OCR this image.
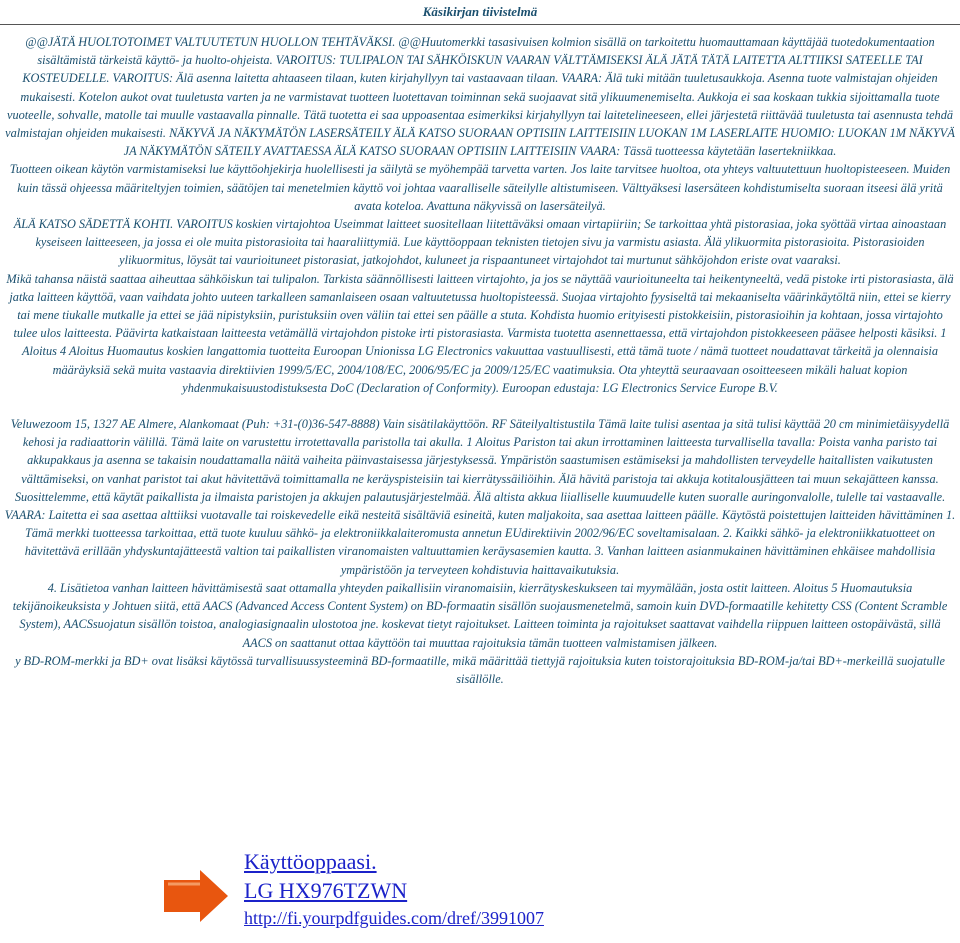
Käsikirjan tiivistelmä

@@JÄTÄ HUOLTOTOIMET VALTUUTETUN HUOLLON TEHTÄVÄKSI. @@Huutomerkki tasasivuisen kolmion sisällä on tarkoitettu huomauttamaan käyttäjää tuotedokumentaation sisältämistä tärkeistä käyttö- ja huolto-ohjeista. VAROITUS: TULIPALON TAI SÄHKÖISKUN VAARAN VÄLTTÄMISEKSI ÄLÄ JÄTÄ TÄTÄ LAITETTA ALTTIIKSI SATEELLE TAI KOSTEUDELLE. VAROITUS: Älä asenna laitetta ahtaaseen tilaan, kuten kirjahyllyyn tai vastaavaan tilaan. VAARA: Älä tuki mitään tuuletusaukkoja. Asenna tuote valmistajan ohjeiden mukaisesti. Kotelon aukot ovat tuuletusta varten ja ne varmistavat tuotteen luotettavan toiminnan sekä suojaavat sitä ylikuumenemiselta. Aukkoja ei saa koskaan tukkia sijoittamalla tuote vuoteelle, sohvalle, matolle tai muulle vastaavalla pinnalle. Tätä tuotetta ei saa uppoasentaa esimerkiksi kirjahyllyyn tai laitetelineeseen, ellei järjestetä riittävää tuuletusta tai asennusta tehdä valmistajan ohjeiden mukaisesti. NÄKYVÄ JA NÄKYMÄTÖN LASERSÄTEILY ÄLÄ KATSO SUORAAN OPTISIIN LAITTEISIIN LUOKAN 1M LASERLAITE HUOMIO: LUOKAN 1M NÄKYVÄ JA NÄKYMÄTÖN SÄTEILY AVATTAESSA ÄLÄ KATSO SUORAAN OPTISIIN LAITTEISIIN VAARA: Tässä tuotteessa käytetään lasertekniikkaa.

Tuotteen oikean käytön varmistamiseksi lue käyttöohjekirja huolellisesti ja säilytä se myöhempää tarvetta varten. Jos laite tarvitsee huoltoa, ota yhteys valtuutettuun huoltopisteeseen. Muiden kuin tässä ohjeessa määriteltyjen toimien, säätöjen tai menetelmien käyttö voi johtaa vaaralliselle säteilylle altistumiseen. Välttyäksesi lasersäteen kohdistumiselta suoraan itseesi älä yritä avata koteloa. Avattuna näkyvissä on lasersäteilyä.

ÄLÄ KATSO SÄDETTÄ KOHTI. VAROITUS koskien virtajohtoa Useimmat laitteet suositellaan liitettäväksi omaan virtapiiriin; Se tarkoittaa yhtä pistorasiaa, joka syöttää virtaa ainoastaan kyseiseen laitteeseen, ja jossa ei ole muita pistorasioita tai haaraliittymiä. Lue käyttöoppaan teknisten tietojen sivu ja varmistu asiasta. Älä ylikuormita pistorasioita. Pistorasioiden ylikuormitus, löysät tai vaurioituneet pistorasiat, jatkojohdot, kuluneet ja rispaantuneet virtajohdot tai murtunut sähköjohdon eriste ovat vaaraksi.

Mikä tahansa näistä saattaa aiheuttaa sähköiskun tai tulipalon. Tarkista säännöllisesti laitteen virtajohto, ja jos se näyttää vaurioituneelta tai heikentyneeltä, vedä pistoke irti pistorasiasta, älä jatka laitteen käyttöä, vaan vaihdata johto uuteen tarkalleen samanlaiseen osaan valtuutetussa huoltopisteessä. Suojaa virtajohto fyysiseltä tai mekaaniselta väärinkäytöltä niin, ettei se kierry tai mene tiukalle mutkalle ja ettei se jää nipistyksiin, puristuksiin oven väliin tai ettei sen päälle a stuta. Kohdista huomio erityisesti pistokkeisiin, pistorasioihin ja kohtaan, jossa virtajohto tulee ulos laitteesta. Päävirta katkaistaan laitteesta vetämällä virtajohdon pistoke irti pistorasiasta. Varmista tuotetta asennettaessa, että virtajohdon pistokkeeseen pääsee helposti käsiksi. 1 Aloitus 4 Aloitus Huomautus koskien langattomia tuotteita Euroopan Unionissa LG Electronics vakuuttaa vastuullisesti, että tämä tuote / nämä tuotteet noudattavat tärkeitä ja olennaisia määräyksiä sekä muita vastaavia direktiivien 1999/5/EC, 2004/108/EC, 2006/95/EC ja 2009/125/EC vaatimuksia. Ota yhteyttä seuraavaan osoitteeseen mikäli haluat kopion yhdenmukaisuustodistuksesta DoC (Declaration of Conformity). Euroopan edustaja: LG Electronics Service Europe B.V.

Veluwezoom 15, 1327 AE Almere, Alankomaat (Puh: +31-(0)36-547-8888) Vain sisätilakäyttöön. RF Säteilyaltistustila Tämä laite tulisi asentaa ja sitä tulisi käyttää 20 cm minimietäisyydellä kehosi ja radiaattorin välillä. Tämä laite on varustettu irrotettavalla paristolla tai akulla. 1 Aloitus Pariston tai akun irrottaminen laitteesta turvallisella tavalla: Poista vanha paristo tai akkupakkaus ja asenna se takaisin noudattamalla näitä vaiheita päinvastaisessa järjestyksessä. Ympäristön saastumisen estämiseksi ja mahdollisten terveydelle haitallisten vaikutusten välttämiseksi, on vanhat paristot tai akut hävitettävä toimittamalla ne keräyspisteisiin tai kierrätyssäiliöihin. Älä hävitä paristoja tai akkuja kotitalousjätteen tai muun sekajätteen kanssa. Suosittelemme, että käytät paikallista ja ilmaista paristojen ja akkujen palautusjärjestelmää. Älä altista akkua liialliselle kuumuudelle kuten suoralle auringonvalolle, tulelle tai vastaavalle. VAARA: Laitetta ei saa asettaa alttiiksi vuotavalle tai roiskevedelle eikä nesteitä sisältäviä esineitä, kuten maljakoita, saa asettaa laitteen päälle. Käytöstä poistettujen laitteiden hävittäminen 1.

Tämä merkki tuotteessa tarkoittaa, että tuote kuuluu sähkö- ja elektroniikkalaiteromusta annetun EUdirektiivin 2002/96/EC soveltamisalaan. 2. Kaikki sähkö- ja elektroniikkatuotteet on hävitettävä erillään yhdyskuntajätteestä valtion tai paikallisten viranomaisten valtuuttamien keräysasemien kautta. 3. Vanhan laitteen asianmukainen hävittäminen ehkäisee mahdollisia ympäristöön ja terveyteen kohdistuvia haittavaikutuksia.

4. Lisätietoa vanhan laitteen hävittämisestä saat ottamalla yhteyden paikallisiin viranomaisiin, kierrätyskeskukseen tai myymälään, josta ostit laitteen. Aloitus 5 Huomautuksia tekijänoikeuksista y Johtuen siitä, että AACS (Advanced Access Content System) on BD-formaatin sisällön suojausmenetelmä, samoin kuin DVD-formaatille kehitetty CSS (Content Scramble System), AACSsuojatun sisällön toistoa, analogiasignaalin ulostotoa jne. koskevat tietyt rajoitukset. Laitteen toiminta ja rajoitukset saattavat vaihdella riippuen laitteen ostopäivästä, sillä AACS on saattanut ottaa käyttöön tai muuttaa rajoituksia tämän tuotteen valmistamisen jälkeen.

y BD-ROM-merkki ja BD+ ovat lisäksi käytössä turvallisuussysteeminä BD-formaatille, mikä määrittää tiettyjä rajoituksia kuten toistorajoituksia BD-ROM-ja/tai BD+-merkeillä suojatulle sisällölle.

Käyttöoppaasi.
LG HX976TZWN
http://fi.yourpdfguides.com/dref/3991007
